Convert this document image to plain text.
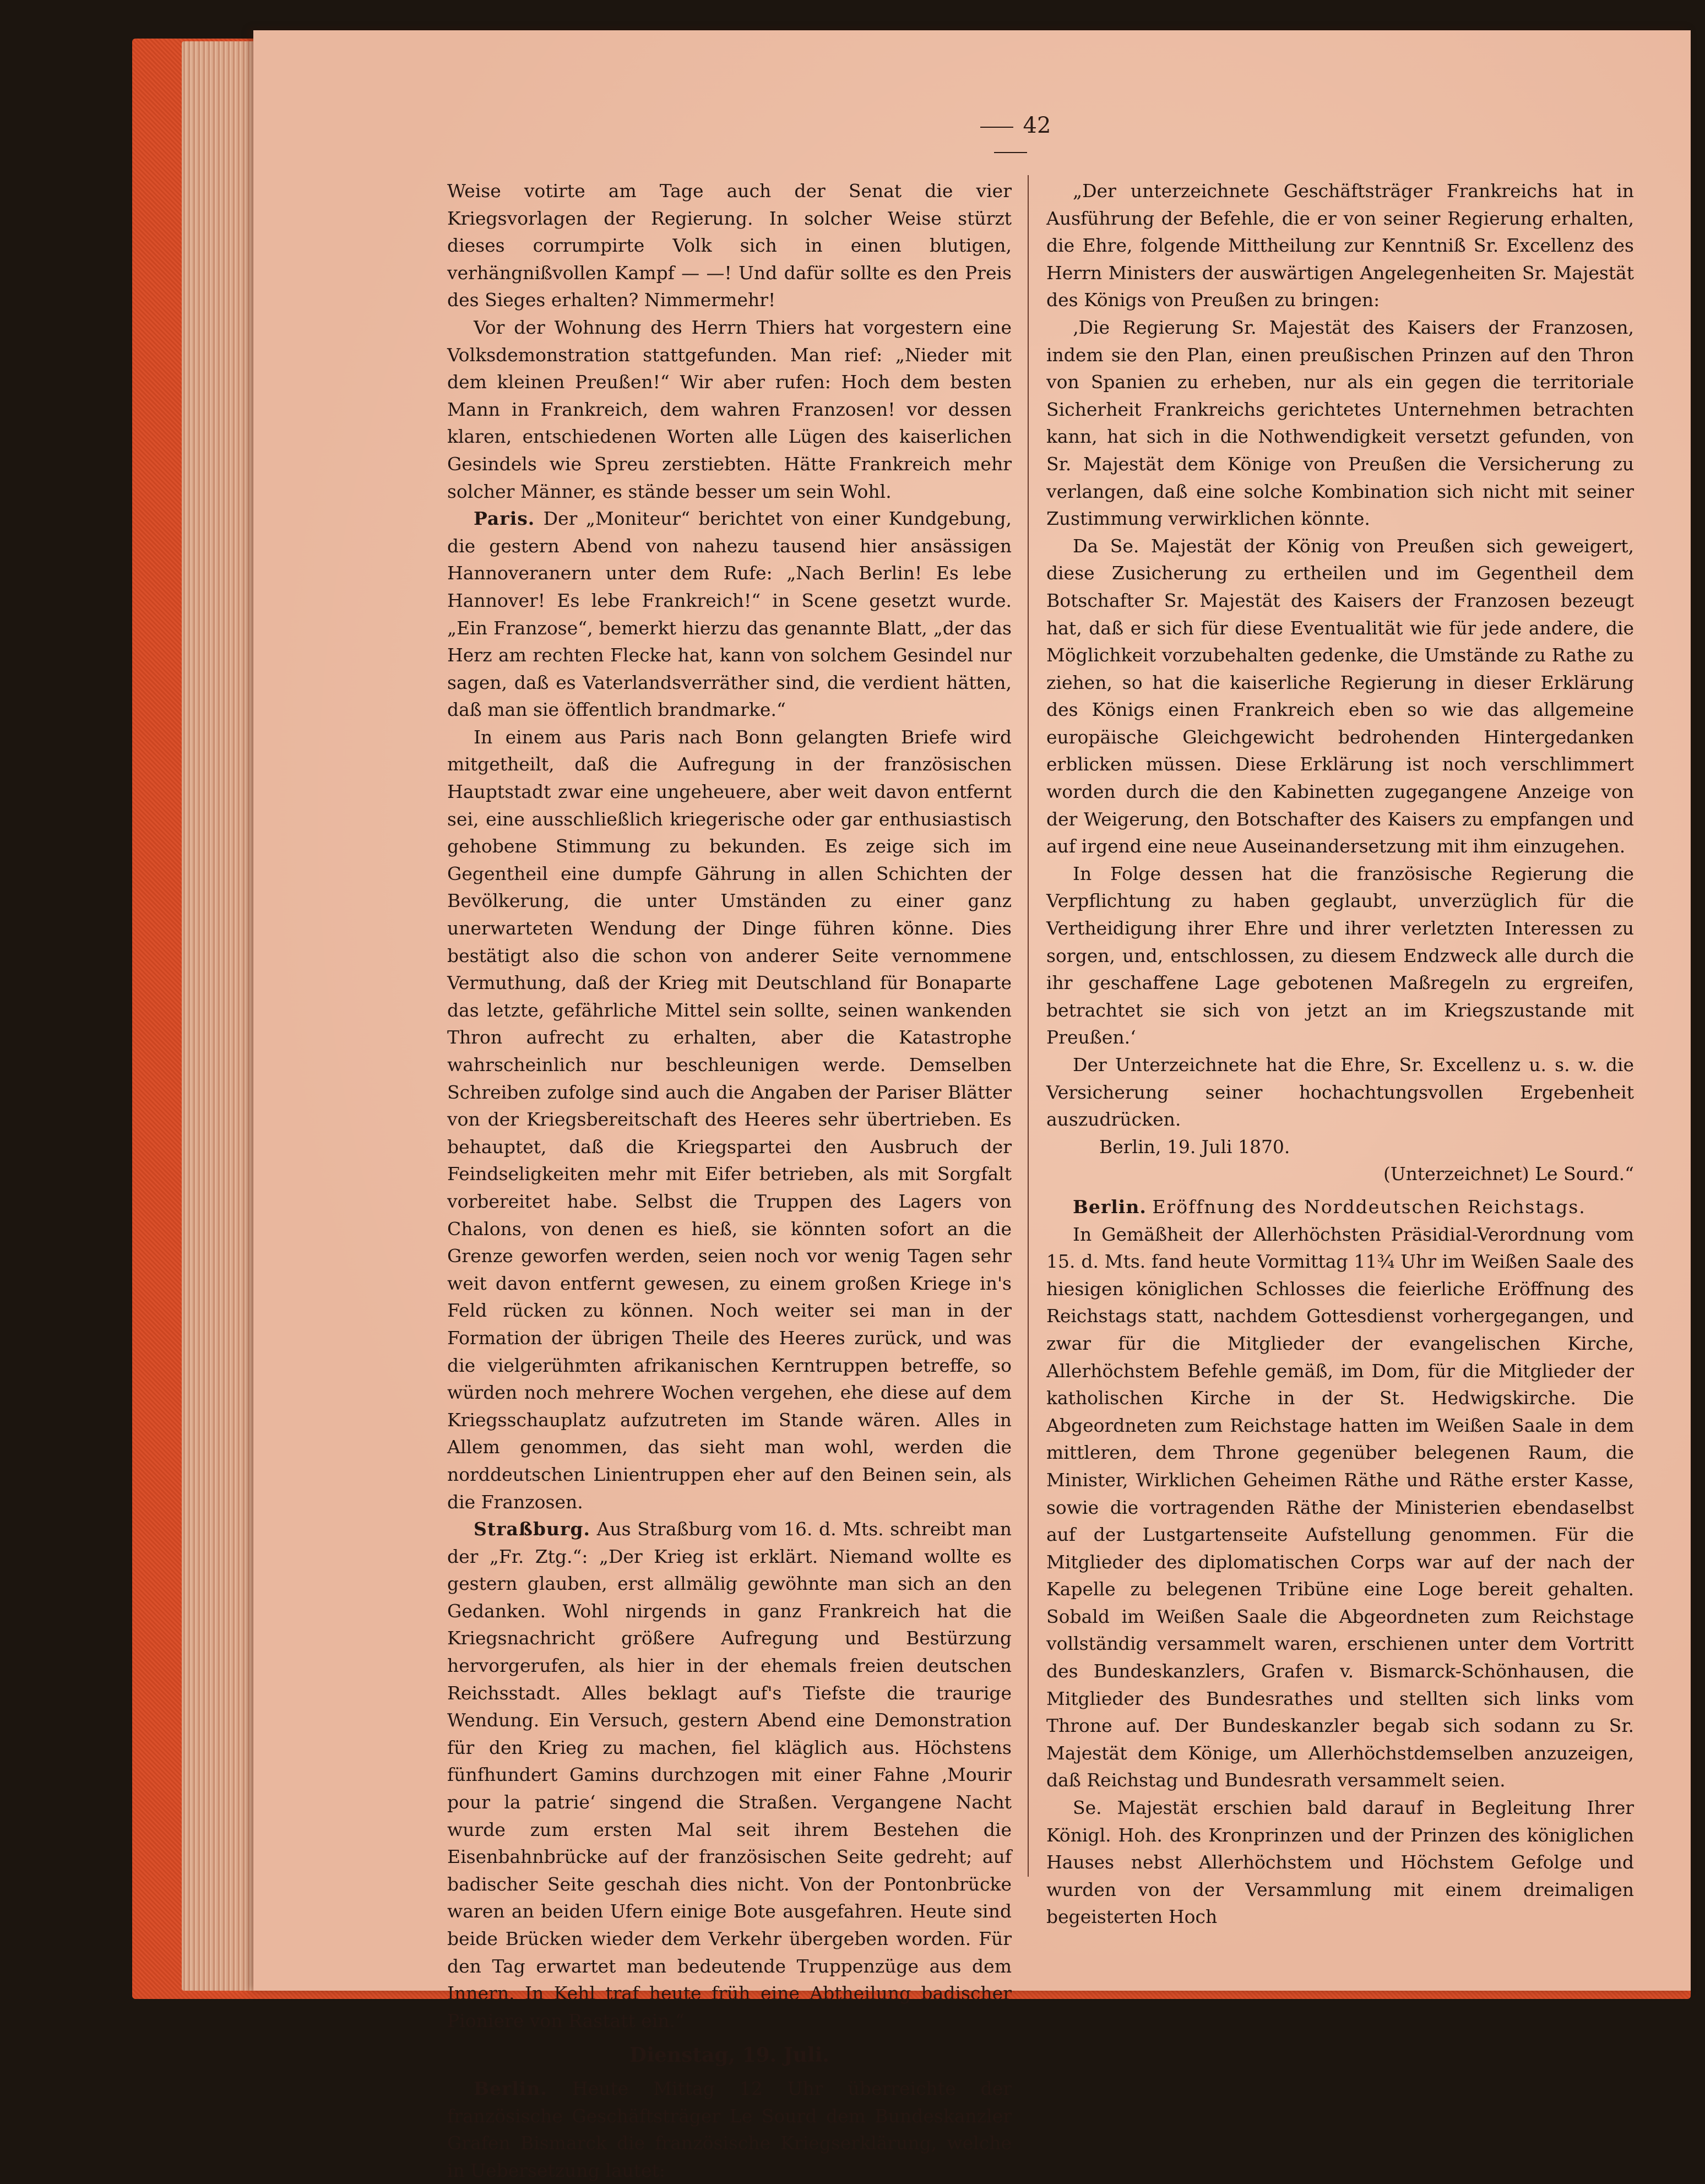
42

Weise votirte am Tage auch der Senat die vier Kriegsvorlagen der Regierung. In solcher Weise stürzt dieses corrumpirte Volk sich in einen blutigen, verhängnißvollen Kampf — —! Und dafür sollte es den Preis des Sieges erhalten? Nimmermehr!

Vor der Wohnung des Herrn Thiers hat vorgestern eine Volksdemonstration stattgefunden. Man rief: „Nieder mit dem kleinen Preußen!“ Wir aber rufen: Hoch dem besten Mann in Frankreich, dem wahren Franzosen! vor dessen klaren, entschiedenen Worten alle Lügen des kaiserlichen Gesindels wie Spreu zerstiebten. Hätte Frankreich mehr solcher Männer, es stände besser um sein Wohl.

Paris. Der „Moniteur“ berichtet von einer Kundgebung, die gestern Abend von nahezu tausend hier ansässigen Hannoveranern unter dem Rufe: „Nach Berlin! Es lebe Hannover! Es lebe Frankreich!“ in Scene gesetzt wurde. „Ein Franzose“, bemerkt hierzu das genannte Blatt, „der das Herz am rechten Flecke hat, kann von solchem Gesindel nur sagen, daß es Vaterlandsverräther sind, die verdient hätten, daß man sie öffentlich brandmarke.“

In einem aus Paris nach Bonn gelangten Briefe wird mitgetheilt, daß die Aufregung in der französischen Hauptstadt zwar eine ungeheuere, aber weit davon entfernt sei, eine ausschließlich kriegerische oder gar enthusiastisch gehobene Stimmung zu bekunden. Es zeige sich im Gegentheil eine dumpfe Gährung in allen Schichten der Bevölkerung, die unter Umständen zu einer ganz unerwarteten Wendung der Dinge führen könne. Dies bestätigt also die schon von anderer Seite vernommene Vermuthung, daß der Krieg mit Deutschland für Bonaparte das letzte, gefährliche Mittel sein sollte, seinen wankenden Thron aufrecht zu erhalten, aber die Katastrophe wahrscheinlich nur beschleunigen werde. Demselben Schreiben zufolge sind auch die Angaben der Pariser Blätter von der Kriegsbereitschaft des Heeres sehr übertrieben. Es behauptet, daß die Kriegspartei den Ausbruch der Feindseligkeiten mehr mit Eifer betrieben, als mit Sorgfalt vorbereitet habe. Selbst die Truppen des Lagers von Chalons, von denen es hieß, sie könnten sofort an die Grenze geworfen werden, seien noch vor wenig Tagen sehr weit davon entfernt gewesen, zu einem großen Kriege in's Feld rücken zu können. Noch weiter sei man in der Formation der übrigen Theile des Heeres zurück, und was die vielgerühmten afrikanischen Kerntruppen betreffe, so würden noch mehrere Wochen vergehen, ehe diese auf dem Kriegsschauplatz aufzutreten im Stande wären. Alles in Allem genommen, das sieht man wohl, werden die norddeutschen Linientruppen eher auf den Beinen sein, als die Franzosen.

Straßburg. Aus Straßburg vom 16. d. Mts. schreibt man der „Fr. Ztg.“: „Der Krieg ist erklärt. Niemand wollte es gestern glauben, erst allmälig gewöhnte man sich an den Gedanken. Wohl nirgends in ganz Frankreich hat die Kriegsnachricht größere Aufregung und Bestürzung hervorgerufen, als hier in der ehemals freien deutschen Reichsstadt. Alles beklagt auf's Tiefste die traurige Wendung. Ein Versuch, gestern Abend eine Demonstration für den Krieg zu machen, fiel kläglich aus. Höchstens fünfhundert Gamins durchzogen mit einer Fahne ‚Mourir pour la patrie‘ singend die Straßen. Vergangene Nacht wurde zum ersten Mal seit ihrem Bestehen die Eisenbahnbrücke auf der französischen Seite gedreht; auf badischer Seite geschah dies nicht. Von der Pontonbrücke waren an beiden Ufern einige Bote ausgefahren. Heute sind beide Brücken wieder dem Verkehr übergeben worden. Für den Tag erwartet man bedeutende Truppenzüge aus dem Innern. In Kehl traf heute früh eine Abtheilung badischer Pioniere von Rastatt ein.“

Dienstag, 19. Juli.

Berlin. Heute Mittag 12 Uhr überreichte der französische Geschäftsträger Le Sourd dem Bundeskanzler Grafen Bismarck die französische Kriegserklärung, welche in Uebersetzung lautet:

„Der unterzeichnete Geschäftsträger Frankreichs hat in Ausführung der Befehle, die er von seiner Regierung erhalten, die Ehre, folgende Mittheilung zur Kenntniß Sr. Excellenz des Herrn Ministers der auswärtigen Angelegenheiten Sr. Majestät des Königs von Preußen zu bringen:

‚Die Regierung Sr. Majestät des Kaisers der Franzosen, indem sie den Plan, einen preußischen Prinzen auf den Thron von Spanien zu erheben, nur als ein gegen die territoriale Sicherheit Frankreichs gerichtetes Unternehmen betrachten kann, hat sich in die Nothwendigkeit versetzt gefunden, von Sr. Majestät dem Könige von Preußen die Versicherung zu verlangen, daß eine solche Kombination sich nicht mit seiner Zustimmung verwirklichen könnte.

Da Se. Majestät der König von Preußen sich geweigert, diese Zusicherung zu ertheilen und im Gegentheil dem Botschafter Sr. Majestät des Kaisers der Franzosen bezeugt hat, daß er sich für diese Eventualität wie für jede andere, die Möglichkeit vorzubehalten gedenke, die Umstände zu Rathe zu ziehen, so hat die kaiserliche Regierung in dieser Erklärung des Königs einen Frankreich eben so wie das allgemeine europäische Gleichgewicht bedrohenden Hintergedanken erblicken müssen. Diese Erklärung ist noch verschlimmert worden durch die den Kabinetten zugegangene Anzeige von der Weigerung, den Botschafter des Kaisers zu empfangen und auf irgend eine neue Auseinandersetzung mit ihm einzugehen.

In Folge dessen hat die französische Regierung die Verpflichtung zu haben geglaubt, unverzüglich für die Vertheidigung ihrer Ehre und ihrer verletzten Interessen zu sorgen, und, entschlossen, zu diesem Endzweck alle durch die ihr geschaffene Lage gebotenen Maßregeln zu ergreifen, betrachtet sie sich von jetzt an im Kriegszustande mit Preußen.‘

Der Unterzeichnete hat die Ehre, Sr. Excellenz u. s. w. die Versicherung seiner hochachtungsvollen Ergebenheit auszudrücken.

Berlin, 19. Juli 1870.

(Unterzeichnet) Le Sourd.“

Berlin. Eröffnung des Norddeutschen Reichstags.

In Gemäßheit der Allerhöchsten Präsidial-Verordnung vom 15. d. Mts. fand heute Vormittag 11¾ Uhr im Weißen Saale des hiesigen königlichen Schlosses die feierliche Eröffnung des Reichstags statt, nachdem Gottesdienst vorhergegangen, und zwar für die Mitglieder der evangelischen Kirche, Allerhöchstem Befehle gemäß, im Dom, für die Mitglieder der katholischen Kirche in der St. Hedwigskirche. Die Abgeordneten zum Reichstage hatten im Weißen Saale in dem mittleren, dem Throne gegenüber belegenen Raum, die Minister, Wirklichen Geheimen Räthe und Räthe erster Kasse, sowie die vortragenden Räthe der Ministerien ebendaselbst auf der Lustgartenseite Aufstellung genommen. Für die Mitglieder des diplomatischen Corps war auf der nach der Kapelle zu belegenen Tribüne eine Loge bereit gehalten. Sobald im Weißen Saale die Abgeordneten zum Reichstage vollständig versammelt waren, erschienen unter dem Vortritt des Bundeskanzlers, Grafen v. Bismarck-Schönhausen, die Mitglieder des Bundesrathes und stellten sich links vom Throne auf. Der Bundeskanzler begab sich sodann zu Sr. Majestät dem Könige, um Allerhöchstdemselben anzuzeigen, daß Reichstag und Bundesrath versammelt seien.

Se. Majestät erschien bald darauf in Begleitung Ihrer Königl. Hoh. des Kronprinzen und der Prinzen des königlichen Hauses nebst Allerhöchstem und Höchstem Gefolge und wurden von der Versammlung mit einem dreimaligen begeisterten Hoch
